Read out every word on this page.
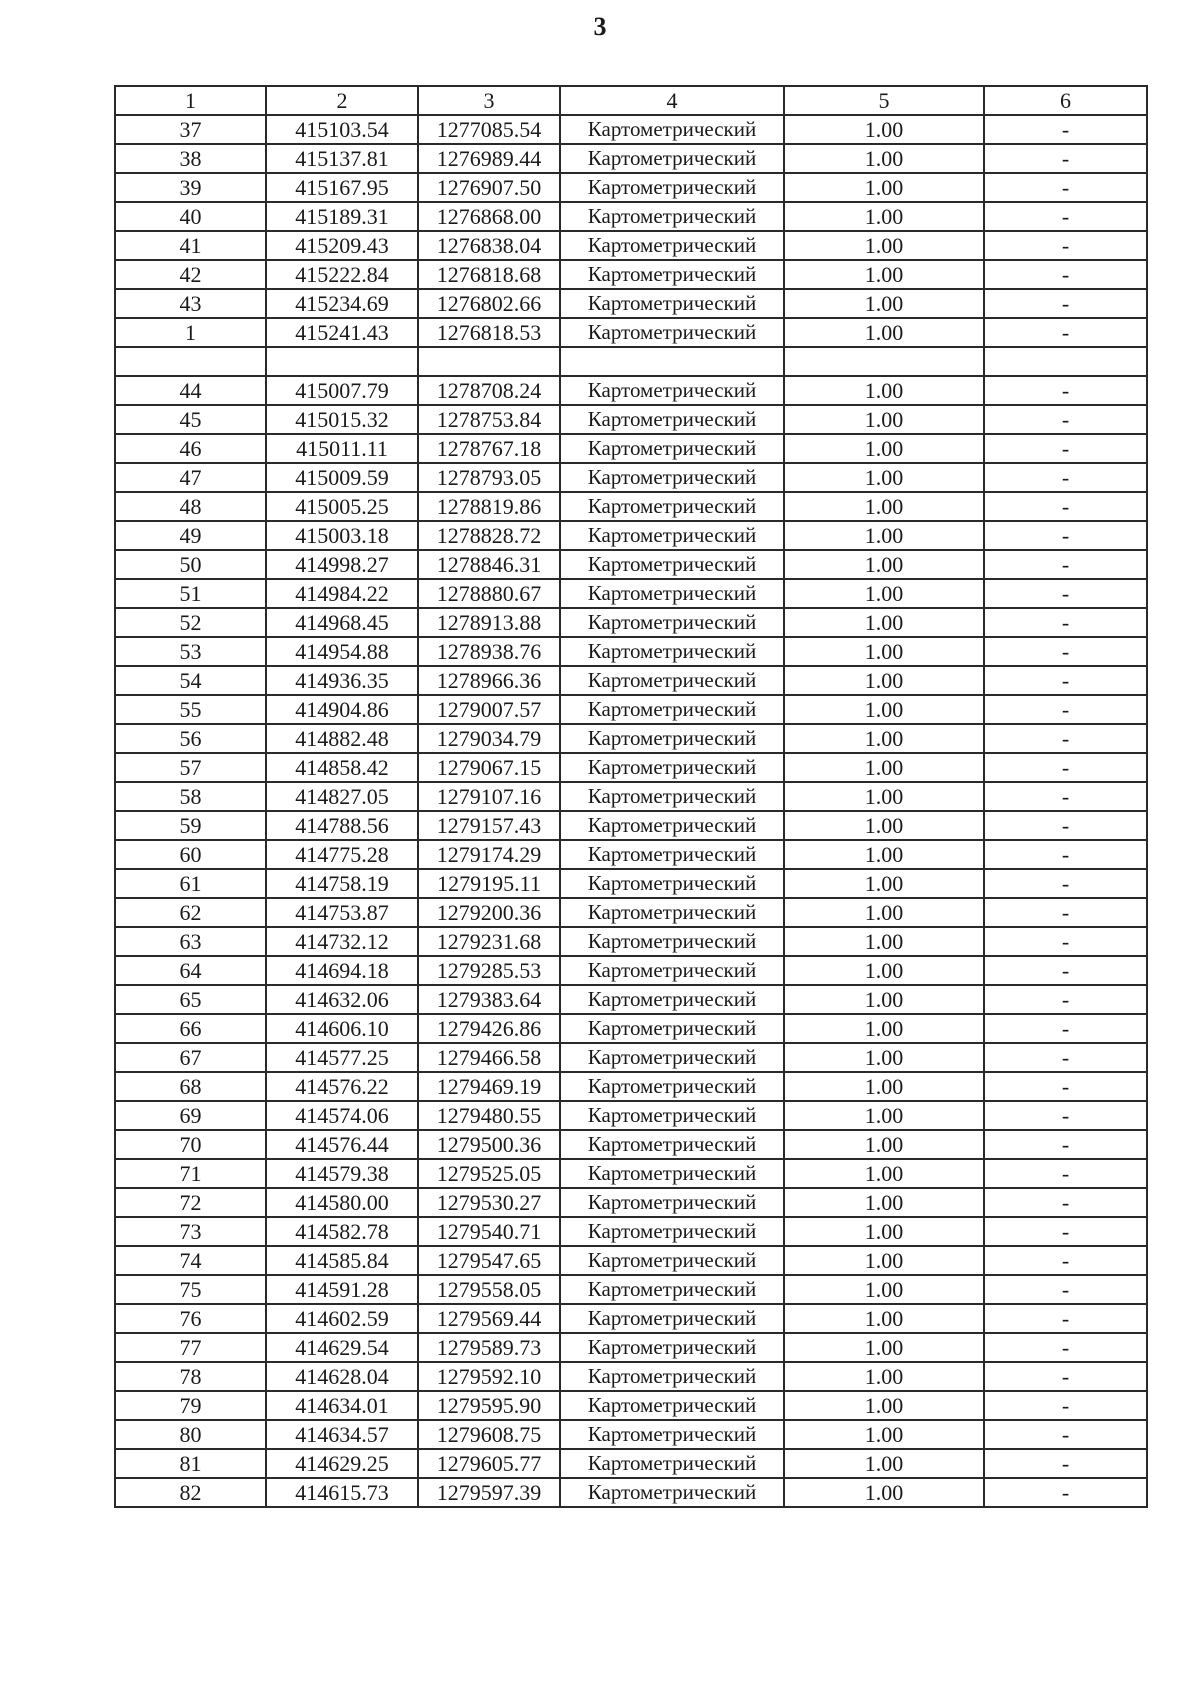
3
1	2	3	4	5	6
37	415103.54	1277085.54	Картометрический	1.00	-
38	415137.81	1276989.44	Картометрический	1.00	-
39	415167.95	1276907.50	Картометрический	1.00	-
40	415189.31	1276868.00	Картометрический	1.00	-
41	415209.43	1276838.04	Картометрический	1.00	-
42	415222.84	1276818.68	Картометрический	1.00	-
43	415234.69	1276802.66	Картометрический	1.00	-
1	415241.43	1276818.53	Картометрический	1.00	-

44	415007.79	1278708.24	Картометрический	1.00	-
45	415015.32	1278753.84	Картометрический	1.00	-
46	415011.11	1278767.18	Картометрический	1.00	-
47	415009.59	1278793.05	Картометрический	1.00	-
48	415005.25	1278819.86	Картометрический	1.00	-
49	415003.18	1278828.72	Картометрический	1.00	-
50	414998.27	1278846.31	Картометрический	1.00	-
51	414984.22	1278880.67	Картометрический	1.00	-
52	414968.45	1278913.88	Картометрический	1.00	-
53	414954.88	1278938.76	Картометрический	1.00	-
54	414936.35	1278966.36	Картометрический	1.00	-
55	414904.86	1279007.57	Картометрический	1.00	-
56	414882.48	1279034.79	Картометрический	1.00	-
57	414858.42	1279067.15	Картометрический	1.00	-
58	414827.05	1279107.16	Картометрический	1.00	-
59	414788.56	1279157.43	Картометрический	1.00	-
60	414775.28	1279174.29	Картометрический	1.00	-
61	414758.19	1279195.11	Картометрический	1.00	-
62	414753.87	1279200.36	Картометрический	1.00	-
63	414732.12	1279231.68	Картометрический	1.00	-
64	414694.18	1279285.53	Картометрический	1.00	-
65	414632.06	1279383.64	Картометрический	1.00	-
66	414606.10	1279426.86	Картометрический	1.00	-
67	414577.25	1279466.58	Картометрический	1.00	-
68	414576.22	1279469.19	Картометрический	1.00	-
69	414574.06	1279480.55	Картометрический	1.00	-
70	414576.44	1279500.36	Картометрический	1.00	-
71	414579.38	1279525.05	Картометрический	1.00	-
72	414580.00	1279530.27	Картометрический	1.00	-
73	414582.78	1279540.71	Картометрический	1.00	-
74	414585.84	1279547.65	Картометрический	1.00	-
75	414591.28	1279558.05	Картометрический	1.00	-
76	414602.59	1279569.44	Картометрический	1.00	-
77	414629.54	1279589.73	Картометрический	1.00	-
78	414628.04	1279592.10	Картометрический	1.00	-
79	414634.01	1279595.90	Картометрический	1.00	-
80	414634.57	1279608.75	Картометрический	1.00	-
81	414629.25	1279605.77	Картометрический	1.00	-
82	414615.73	1279597.39	Картометрический	1.00	-
